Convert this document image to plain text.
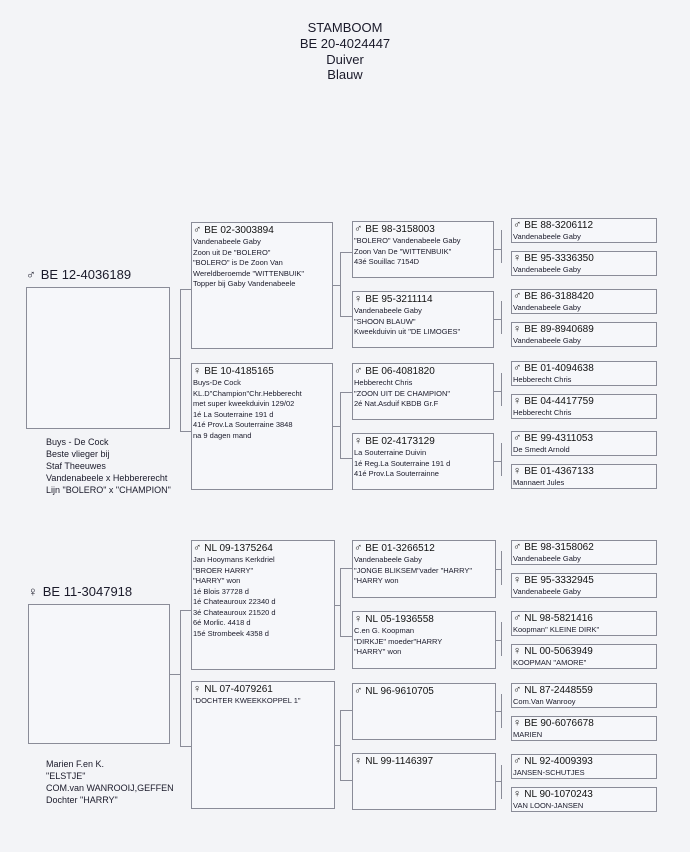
STAMBOOM
BE 20-4024447
Duiver
Blauw
♂ BE 12-4036189
Buys - De Cock
Beste vlieger bij
Staf Theeuwes
Vandenabeele x Hebbererecht
Lijn "BOLERO" x "CHAMPION"
♀ BE 11-3047918
Marien F.en K.
"ELSTJE"
COM.van WANROOIJ,GEFFEN
Dochter "HARRY"
♂ BE 02-3003894
Vandenabeele Gaby
Zoon uit De "BOLERO"
"BOLERO" is De Zoon Van
Wereldberoemde "WITTENBUIK"
Topper bij Gaby Vandenabeele
♀ BE 10-4185165
Buys-De Cock
KL.D"Champion"Chr.Hebberecht
met super kweekduivin 129/02
1é La Souterraine 191 d
41é Prov.La Souterraine 3848
na 9 dagen mand
♂ NL 09-1375264
Jan Hooymans Kerkdriel
"BROER HARRY"
"HARRY" won
1é Blois 37728 d
1é Chateauroux 22340 d
3é Chateauroux 21520 d
6é Morlic. 4418 d
15é Strombeek 4358 d
♀ NL 07-4079261
"DOCHTER KWEEKKOPPEL 1"
♂ BE 98-3158003
"BOLERO" Vandenabeele Gaby
Zoon Van De "WITTENBUIK"
43é Souillac 7154D
♀ BE 95-3211114
Vandenabeele Gaby
"SHOON BLAUW"
Kweekduivin uit "DE LIMOGES"
♂ BE 06-4081820
Hebberecht Chris
"ZOON UIT DE CHAMPION"
2é Nat.Asduif KBDB Gr.F
♀ BE 02-4173129
La Souterraine Duivin
1é Reg.La Souterraine 191 d
41é Prov.La Souterrainne
♂ BE 01-3266512
Vandenabeele Gaby
"JONGE BLIKSEM"vader "HARRY"
"HARRY won
♀ NL 05-1936558
C.en G. Koopman
"DIRKJE" moeder"HARRY
"HARRY" won
♂ NL 96-9610705
♀ NL 99-1146397
♂ BE 88-3206112
Vandenabeele Gaby
♀ BE 95-3336350
Vandenabeele Gaby
♂ BE 86-3188420
Vandenabeele Gaby
♀ BE 89-8940689
Vandenabeele Gaby
♂ BE 01-4094638
Hebberecht Chris
♀ BE 04-4417759
Hebberecht Chris
♂ BE 99-4311053
De Smedt Arnold
♀ BE 01-4367133
Mannaert Jules
♂ BE 98-3158062
Vandenabeele Gaby
♀ BE 95-3332945
Vandenabeele Gaby
♂ NL 98-5821416
Koopman" KLEINE DIRK"
♀ NL 00-5063949
KOOPMAN "AMORE"
♂ NL 87-2448559
Com.Van Wanrooy
♀ BE 90-6076678
MARIEN
♂ NL 92-4009393
JANSEN-SCHUTJES
♀ NL 90-1070243
VAN LOON-JANSEN
